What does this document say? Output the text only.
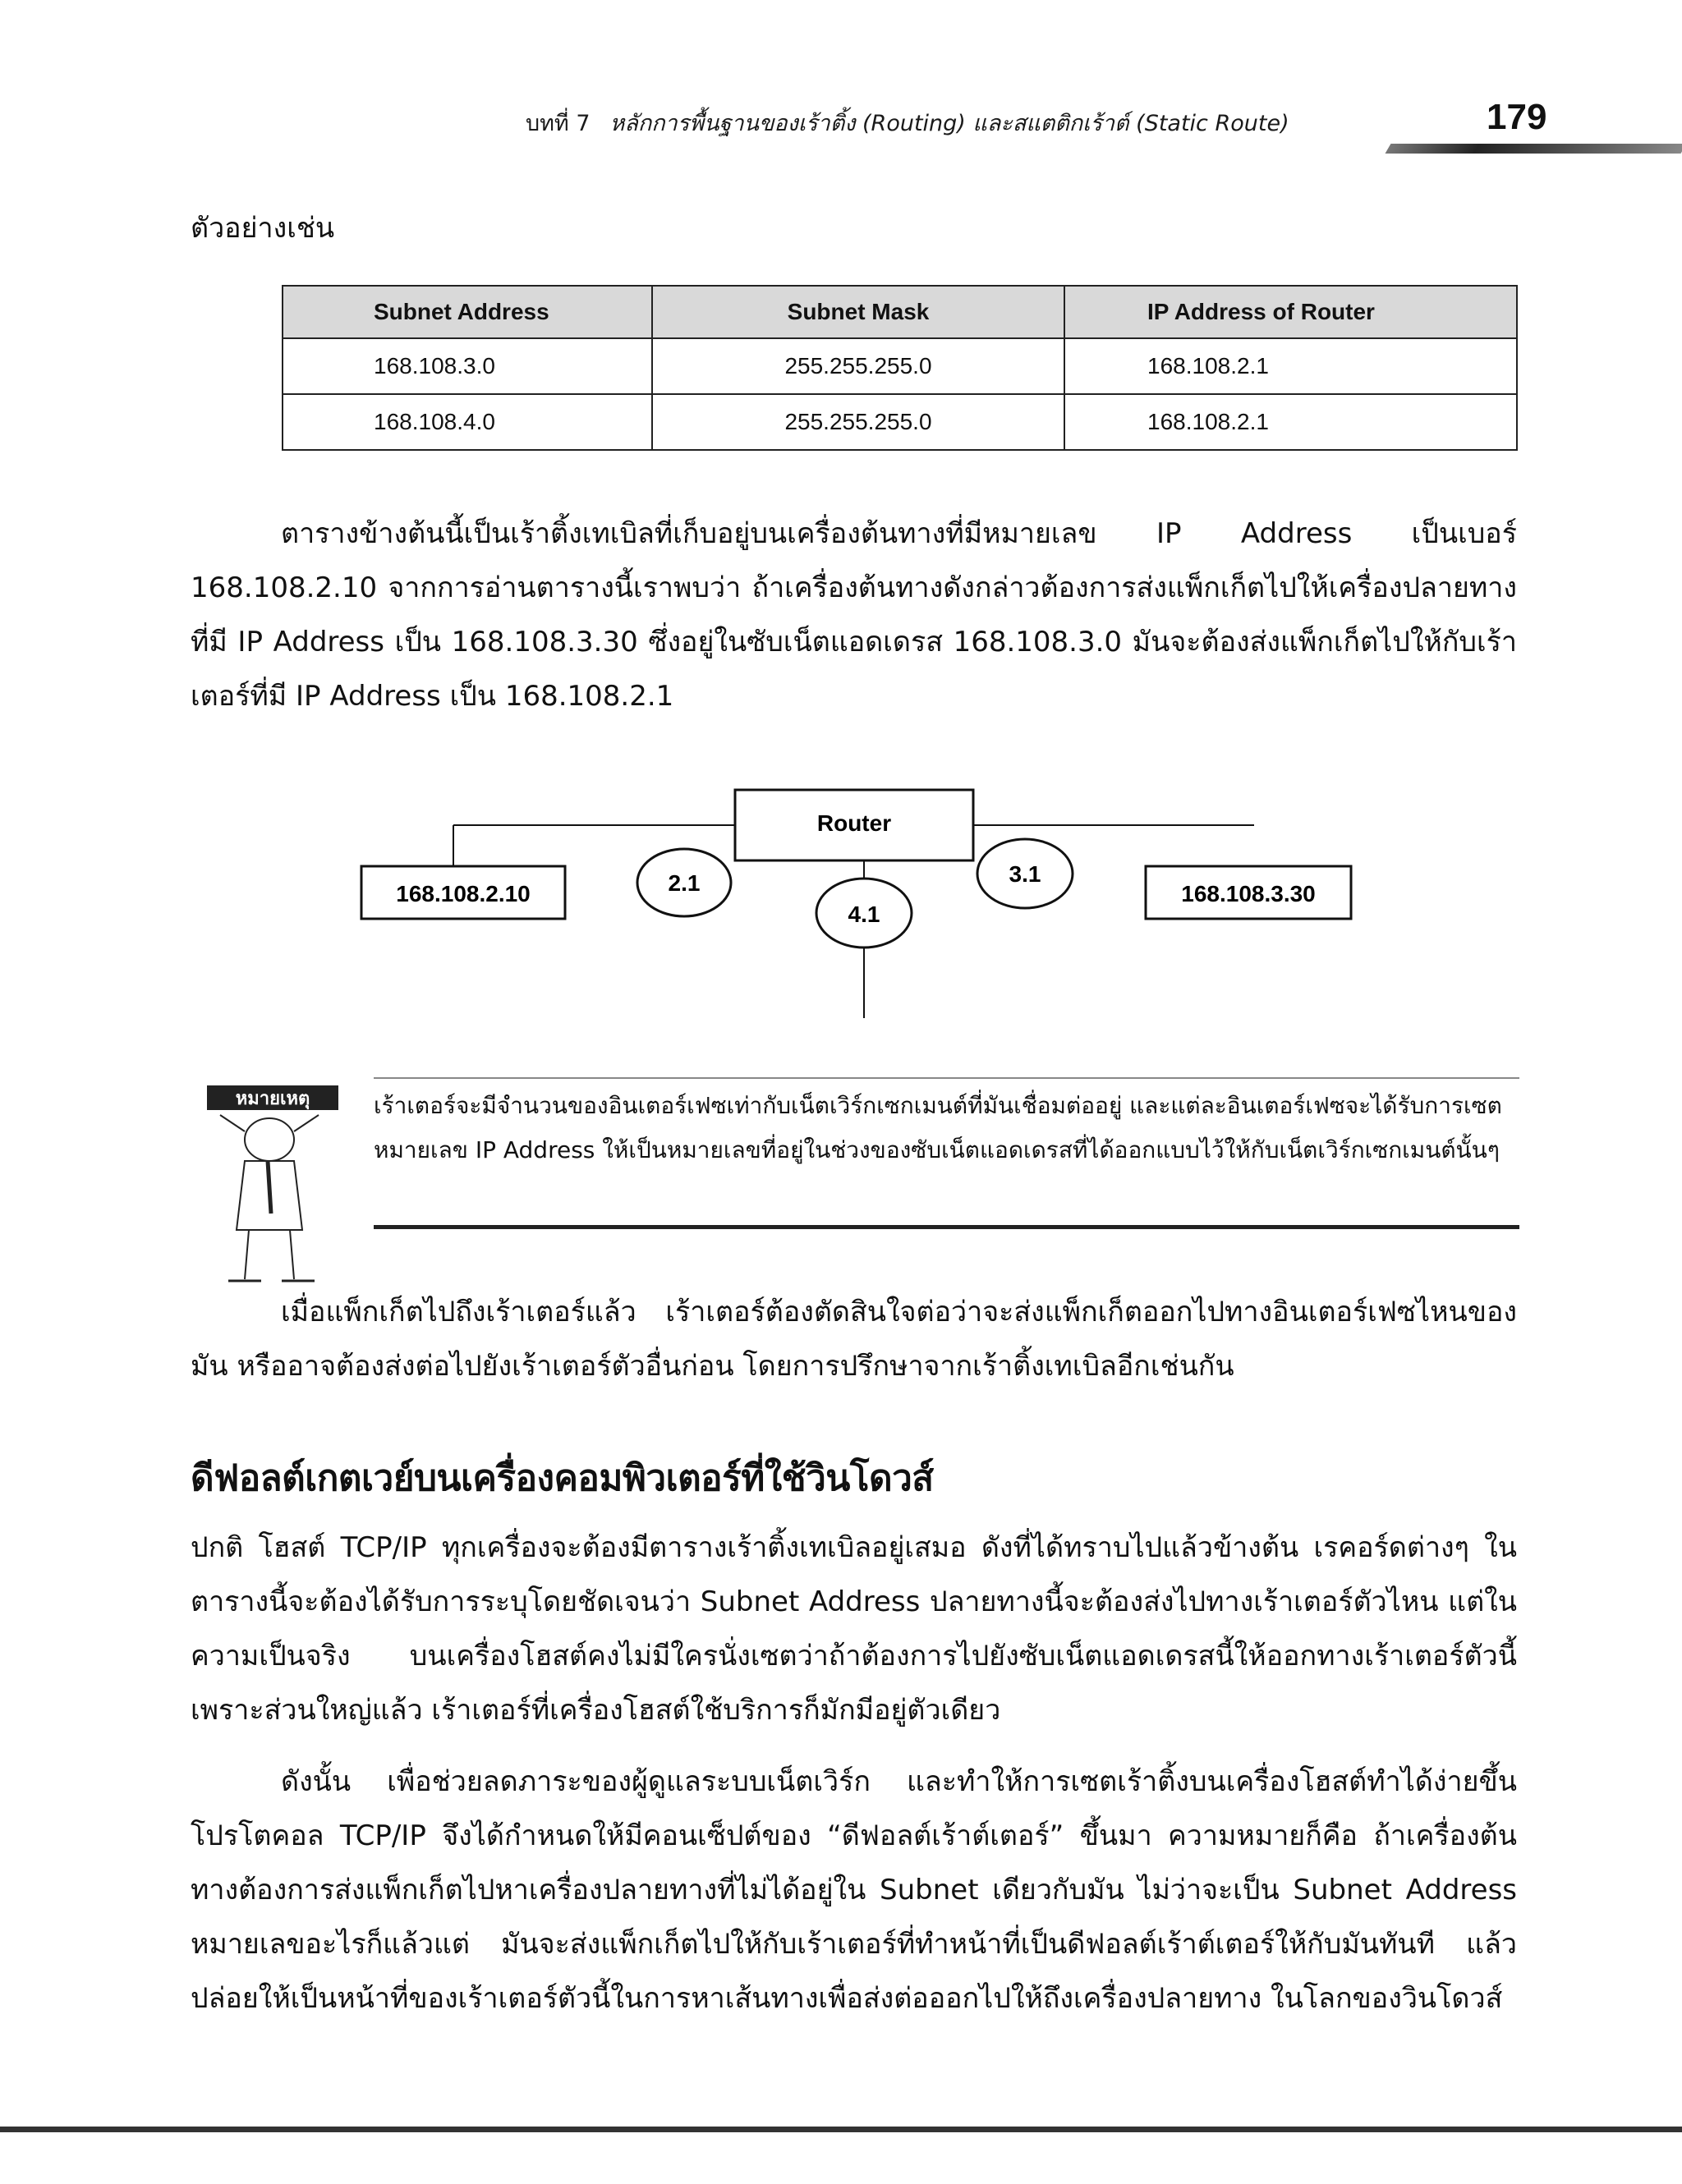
บทที่ 7 หลักการพื้นฐานของเร้าติ้ง (Routing) และสแตติกเร้าต์ (Static Route)	179
ตัวอย่างเช่น
Subnet Address	Subnet Mask	IP Address of Router
168.108.3.0	255.255.255.0	168.108.2.1
168.108.4.0	255.255.255.0	168.108.2.1
ตารางข้างต้นนี้เป็นเร้าติ้งเทเบิลที่เก็บอยู่บนเครื่องต้นทางที่มีหมายเลข IP Address เป็นเบอร์ 168.108.2.10 จากการอ่านตารางนี้เราพบว่า ถ้าเครื่องต้นทางดังกล่าวต้องการส่งแพ็กเก็ตไปให้เครื่องปลายทางที่มี IP Address เป็น 168.108.3.30 ซึ่งอยู่ในซับเน็ตแอดเดรส 168.108.3.0 มันจะต้องส่งแพ็กเก็ตไปให้กับเร้าเตอร์ที่มี IP Address เป็น 168.108.2.1
Router
168.108.2.10	168.108.3.30
2.1
4.1
3.1
หมายเหตุ	เร้าเตอร์จะมีจำนวนของอินเตอร์เฟซเท่ากับเน็ตเวิร์กเซกเมนต์ที่มันเชื่อมต่ออยู่ และแต่ละอินเตอร์เฟซจะได้รับการเซตหมายเลข IP Address ให้เป็นหมายเลขที่อยู่ในช่วงของซับเน็ตแอดเดรสที่ได้ออกแบบไว้ให้กับเน็ตเวิร์กเซกเมนต์นั้นๆ
เมื่อแพ็กเก็ตไปถึงเร้าเตอร์แล้ว เร้าเตอร์ต้องตัดสินใจต่อว่าจะส่งแพ็กเก็ตออกไปทางอินเตอร์เฟซไหนของมัน หรืออาจต้องส่งต่อไปยังเร้าเตอร์ตัวอื่นก่อน โดยการปรึกษาจากเร้าติ้งเทเบิลอีกเช่นกัน
ดีฟอลต์เกตเวย์บนเครื่องคอมพิวเตอร์ที่ใช้วินโดวส์
ปกติ โฮสต์ TCP/IP ทุกเครื่องจะต้องมีตารางเร้าติ้งเทเบิลอยู่เสมอ ดังที่ได้ทราบไปแล้วข้างต้น เรคอร์ดต่างๆ ในตารางนี้จะต้องได้รับการระบุโดยชัดเจนว่า Subnet Address ปลายทางนี้จะต้องส่งไปทางเร้าเตอร์ตัวไหน แต่ในความเป็นจริง บนเครื่องโฮสต์คงไม่มีใครนั่งเซตว่าถ้าต้องการไปยังซับเน็ตแอดเดรสนี้ให้ออกทางเร้าเตอร์ตัวนี้ เพราะส่วนใหญ่แล้ว เร้าเตอร์ที่เครื่องโฮสต์ใช้บริการก็มักมีอยู่ตัวเดียว
ดังนั้น เพื่อช่วยลดภาระของผู้ดูแลระบบเน็ตเวิร์ก และทำให้การเซตเร้าติ้งบนเครื่องโฮสต์ทำได้ง่ายขึ้น โปรโตคอล TCP/IP จึงได้กำหนดให้มีคอนเซ็ปต์ของ “ดีฟอลต์เร้าต์เตอร์” ขึ้นมา ความหมายก็คือ ถ้าเครื่องต้นทางต้องการส่งแพ็กเก็ตไปหาเครื่องปลายทางที่ไม่ได้อยู่ใน Subnet เดียวกับมัน ไม่ว่าจะเป็น Subnet Address หมายเลขอะไรก็แล้วแต่ มันจะส่งแพ็กเก็ตไปให้กับเร้าเตอร์ที่ทำหน้าที่เป็นดีฟอลต์เร้าต์เตอร์ให้กับมันทันที แล้วปล่อยให้เป็นหน้าที่ของเร้าเตอร์ตัวนี้ในการหาเส้นทางเพื่อส่งต่อออกไปให้ถึงเครื่องปลายทาง ในโลกของวินโดวส์
